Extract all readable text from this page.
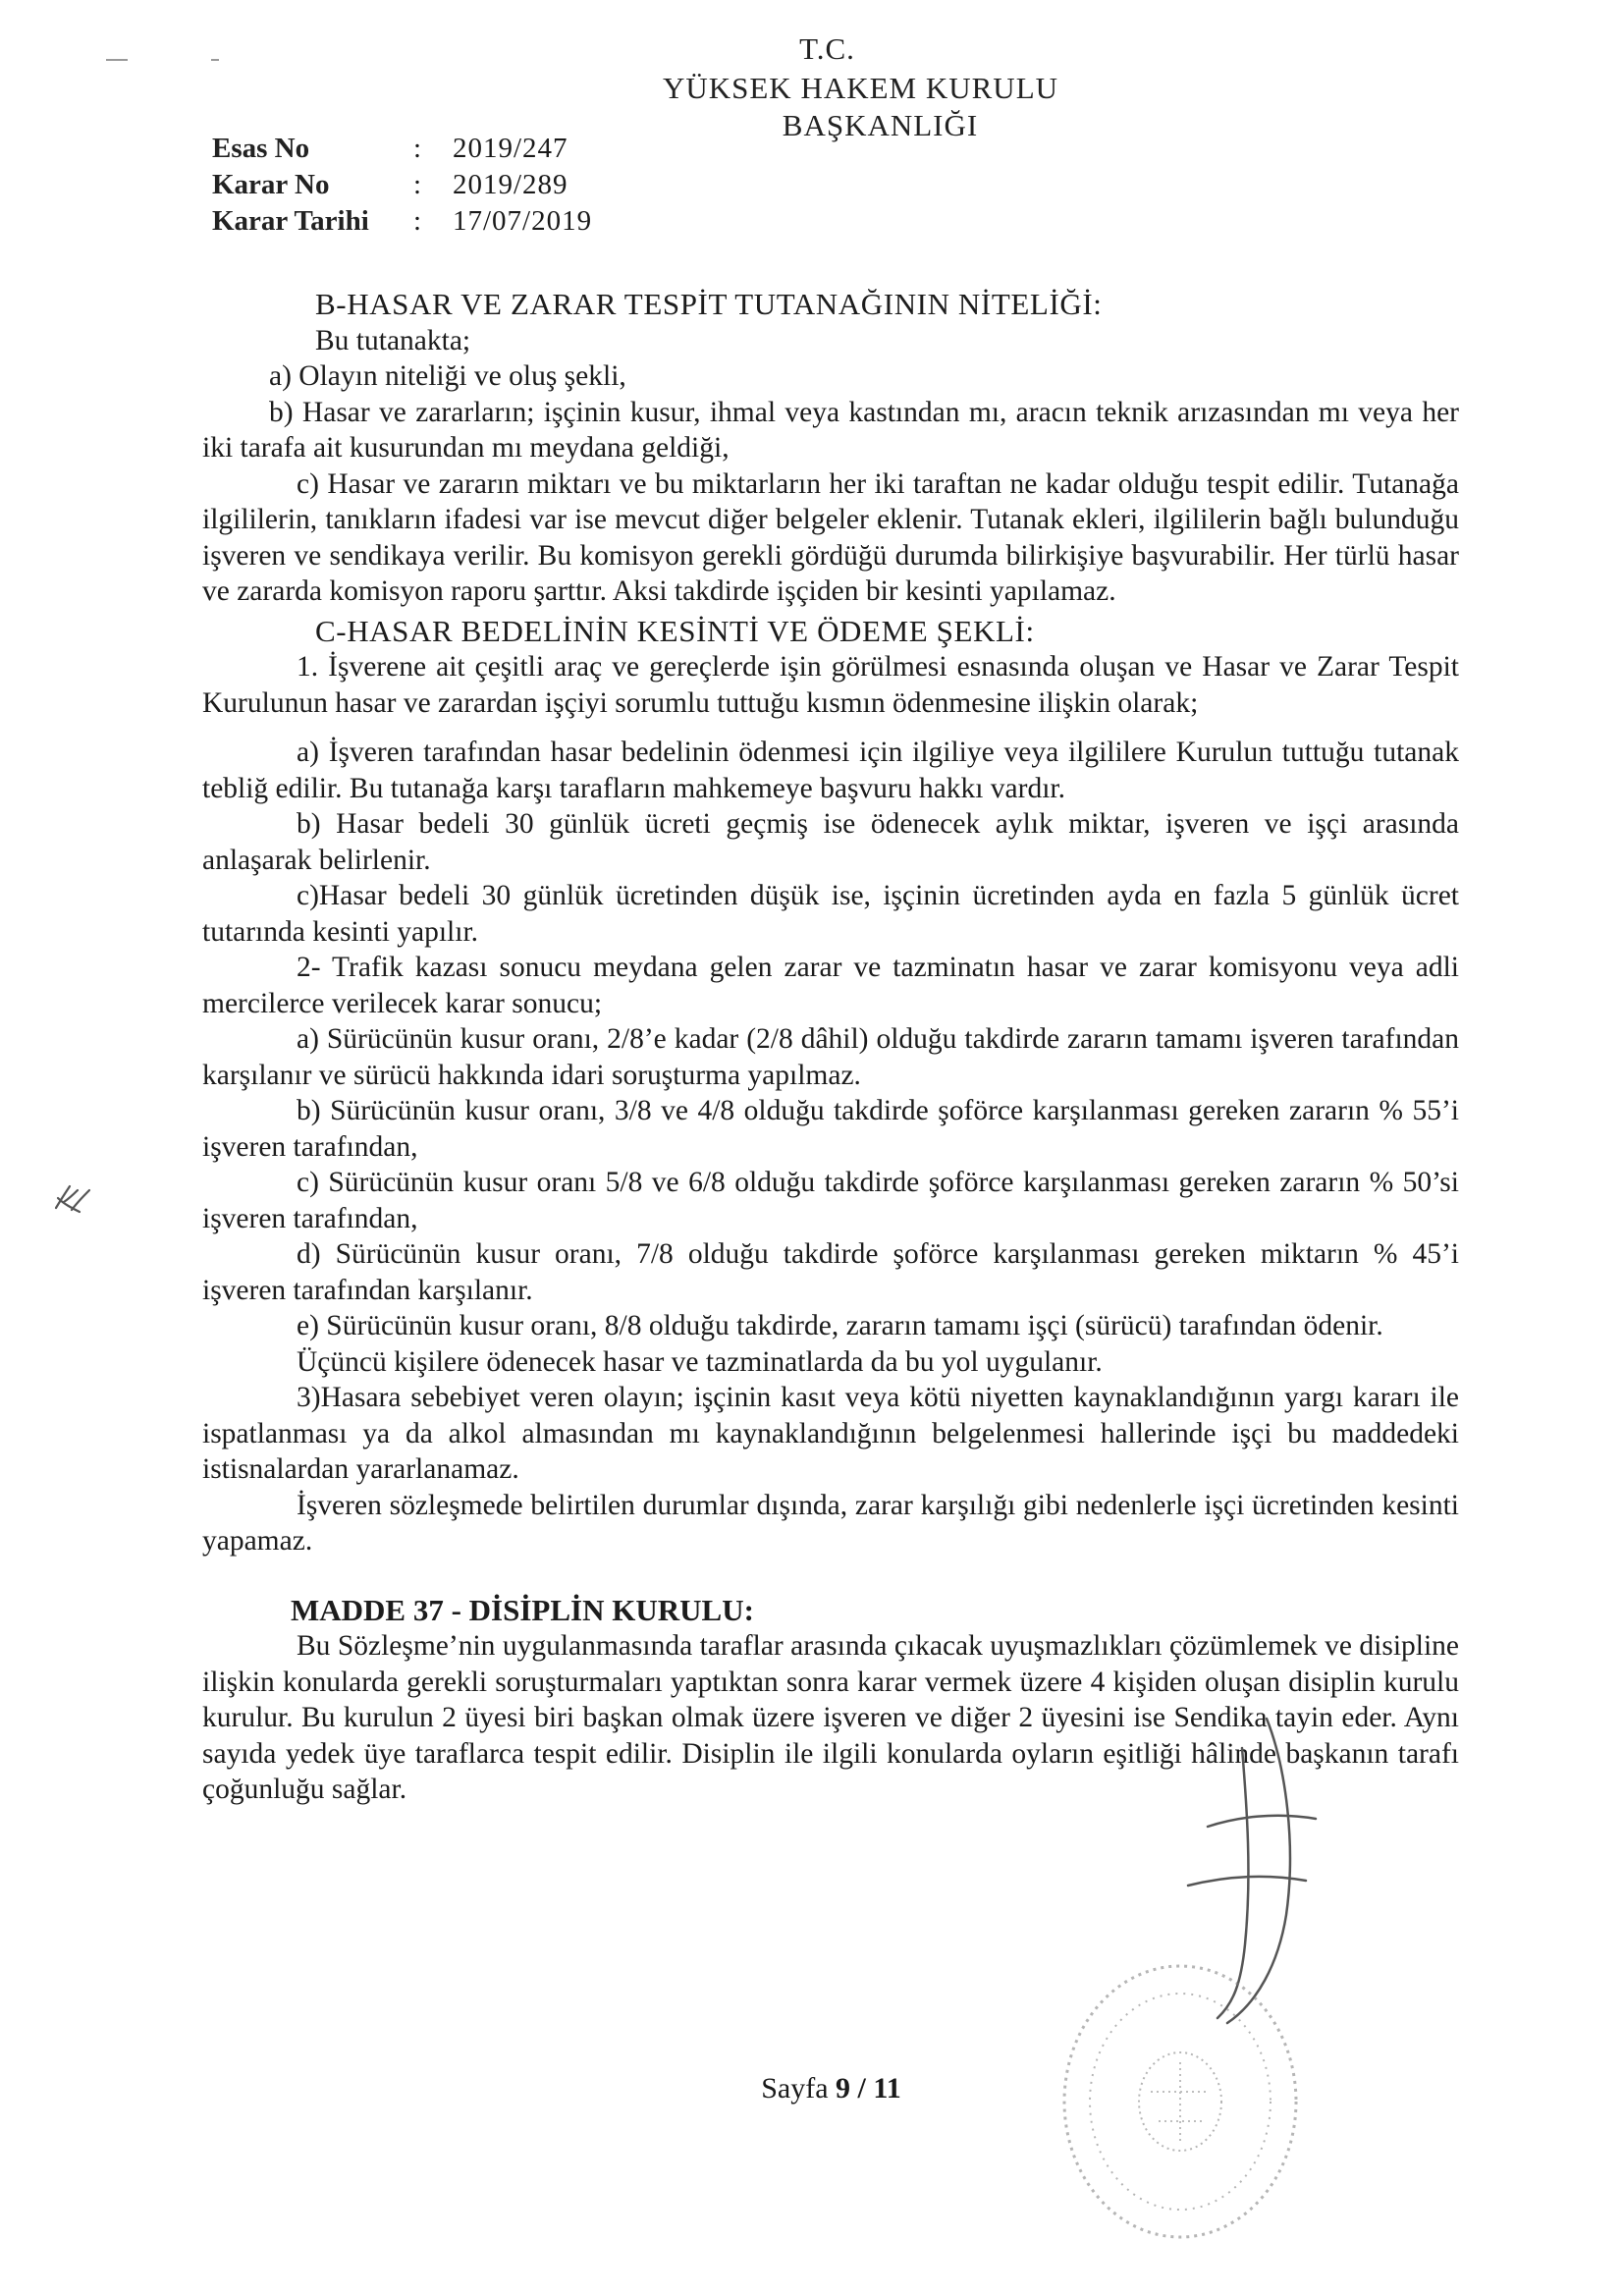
T.C.
YÜKSEK HAKEM KURULU
BAŞKANLIĞI
Esas No	:	2019/247
Karar No	:	2019/289
Karar Tarihi	:	17/07/2019

B-HASAR VE ZARAR TESPİT TUTANAĞININ NİTELİĞİ:

Bu tutanakta;

a) Olayın niteliği ve oluş şekli,

b) Hasar ve zararların; işçinin kusur, ihmal veya kastından mı, aracın teknik arızasından mı veya her iki tarafa ait kusurundan mı meydana geldiği,

c) Hasar ve zararın miktarı ve bu miktarların her iki taraftan ne kadar olduğu tespit edilir. Tutanağa ilgililerin, tanıkların ifadesi var ise mevcut diğer belgeler eklenir. Tutanak ekleri, ilgililerin bağlı bulunduğu işveren ve sendikaya verilir. Bu komisyon gerekli gördüğü durumda bilirkişiye başvurabilir. Her türlü hasar ve zararda komisyon raporu şarttır. Aksi takdirde işçiden bir kesinti yapılamaz.

C-HASAR BEDELİNİN KESİNTİ VE ÖDEME ŞEKLİ:

1. İşverene ait çeşitli araç ve gereçlerde işin görülmesi esnasında oluşan ve Hasar ve Zarar Tespit Kurulunun hasar ve zarardan işçiyi sorumlu tuttuğu kısmın ödenmesine ilişkin olarak;

a) İşveren tarafından hasar bedelinin ödenmesi için ilgiliye veya ilgililere Kurulun tuttuğu tutanak tebliğ edilir. Bu tutanağa karşı tarafların mahkemeye başvuru hakkı vardır.

b) Hasar bedeli 30 günlük ücreti geçmiş ise ödenecek aylık miktar, işveren ve işçi arasında anlaşarak belirlenir.

c)Hasar bedeli 30 günlük ücretinden düşük ise, işçinin ücretinden ayda en fazla 5 günlük ücret tutarında kesinti yapılır.

2- Trafik kazası sonucu meydana gelen zarar ve tazminatın hasar ve zarar komisyonu veya adli mercilerce verilecek karar sonucu;

a) Sürücünün kusur oranı, 2/8’e kadar (2/8 dâhil) olduğu takdirde zararın tamamı işveren tarafından karşılanır ve sürücü hakkında idari soruşturma yapılmaz.

b) Sürücünün kusur oranı, 3/8 ve 4/8 olduğu takdirde şoförce karşılanması gereken zararın % 55’i işveren tarafından,

c) Sürücünün kusur oranı 5/8 ve 6/8 olduğu takdirde şoförce karşılanması gereken zararın % 50’si işveren tarafından,

d) Sürücünün kusur oranı, 7/8 olduğu takdirde şoförce karşılanması gereken miktarın % 45’i işveren tarafından karşılanır.

e) Sürücünün kusur oranı, 8/8 olduğu takdirde, zararın tamamı işçi (sürücü) tarafından ödenir.

Üçüncü kişilere ödenecek hasar ve tazminatlarda da bu yol uygulanır.

3)Hasara sebebiyet veren olayın; işçinin kasıt veya kötü niyetten kaynaklandığının yargı kararı ile ispatlanması ya da alkol almasından mı kaynaklandığının belgelenmesi hallerinde işçi bu maddedeki istisnalardan yararlanamaz.

İşveren sözleşmede belirtilen durumlar dışında, zarar karşılığı gibi nedenlerle işçi ücretinden kesinti yapamaz.

MADDE 37 - DİSİPLİN KURULU:

Bu Sözleşme’nin uygulanmasında taraflar arasında çıkacak uyuşmazlıkları çözümlemek ve disipline ilişkin konularda gerekli soruşturmaları yaptıktan sonra karar vermek üzere 4 kişiden oluşan disiplin kurulu kurulur. Bu kurulun 2 üyesi biri başkan olmak üzere işveren ve diğer 2 üyesini ise Sendika tayin eder. Aynı sayıda yedek üye taraflarca tespit edilir. Disiplin ile ilgili konularda oyların eşitliği hâlinde başkanın tarafı çoğunluğu sağlar.

Sayfa 9 / 11
